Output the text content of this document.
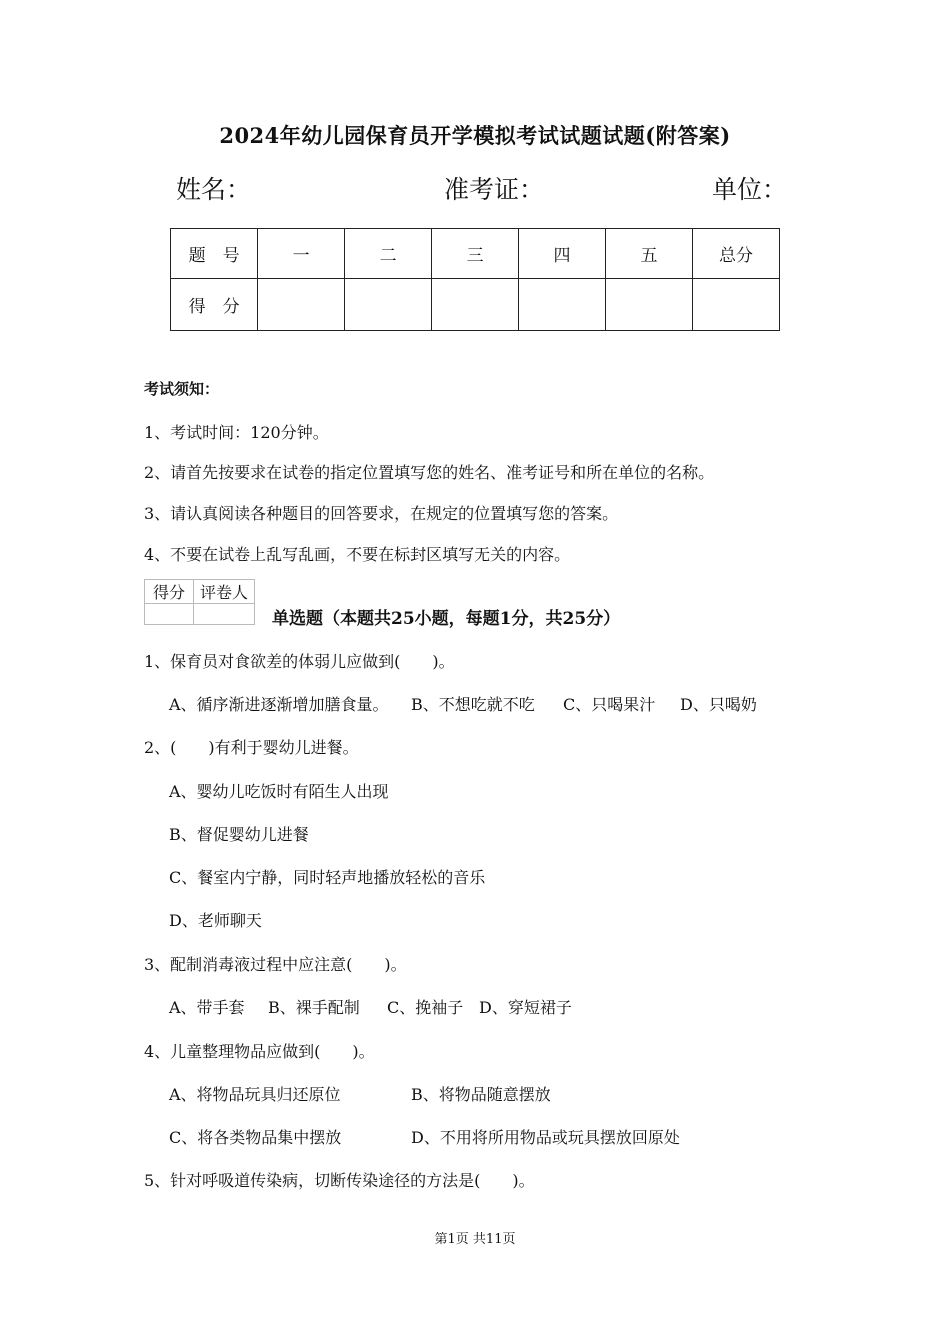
2024年幼儿园保育员开学模拟考试试题试题(附答案)
姓名：	准考证：	单位：
题　号	一	二	三	四	五	总分
得　分						
考试须知：
1、考试时间：120分钟。
2、请首先按要求在试卷的指定位置填写您的姓名、准考证号和所在单位的名称。
3、请认真阅读各种题目的回答要求，在规定的位置填写您的答案。
4、不要在试卷上乱写乱画，不要在标封区填写无关的内容。
得分	评卷人

单选题（本题共25小题，每题1分，共25分）
1、保育员对食欲差的体弱儿应做到(　　)。
A、循序渐进逐渐增加膳食量。 B、不想吃就不吃 C、只喝果汁 D、只喝奶
2、(　　)有利于婴幼儿进餐。
A、婴幼儿吃饭时有陌生人出现
B、督促婴幼儿进餐
C、餐室内宁静，同时轻声地播放轻松的音乐
D、老师聊天
3、配制消毒液过程中应注意(　　)。
A、带手套 B、裸手配制 C、挽袖子 D、穿短裙子
4、儿童整理物品应做到(　　)。
A、将物品玩具归还原位	B、将物品随意摆放
C、将各类物品集中摆放	D、不用将所用物品或玩具摆放回原处
5、针对呼吸道传染病，切断传染途径的方法是(　　)。
第1页 共11页
